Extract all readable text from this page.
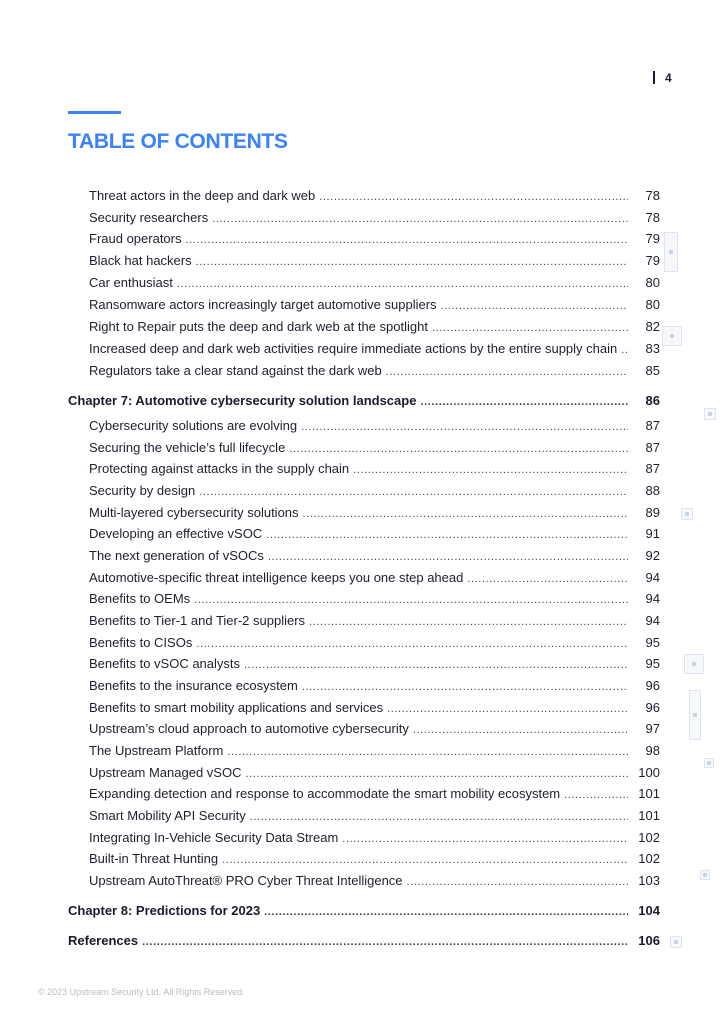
4
TABLE OF CONTENTS
Threat actors in the deep and dark web .....	78
Security researchers .....	78
Fraud operators .....	79
Black hat hackers .....	79
Car enthusiast .....	80
Ransomware actors increasingly target automotive suppliers .....	80
Right to Repair puts the deep and dark web at the spotlight .....	82
Increased deep and dark web activities require immediate actions by the entire supply chain .....	83
Regulators take a clear stand against the dark web .....	85
Chapter 7: Automotive cybersecurity solution landscape .....	86
Cybersecurity solutions are evolving .....	87
Securing the vehicle’s full lifecycle .....	87
Protecting against attacks in the supply chain .....	87
Security by design .....	88
Multi-layered cybersecurity solutions .....	89
Developing an effective vSOC .....	91
The next generation of vSOCs .....	92
Automotive-specific threat intelligence keeps you one step ahead .....	94
Benefits to OEMs .....	94
Benefits to Tier-1 and Tier-2 suppliers .....	94
Benefits to CISOs .....	95
Benefits to vSOC analysts .....	95
Benefits to the insurance ecosystem .....	96
Benefits to smart mobility applications and services .....	96
Upstream’s cloud approach to automotive cybersecurity .....	97
The Upstream Platform .....	98
Upstream Managed vSOC .....	100
Expanding detection and response to accommodate the smart mobility ecosystem .....	101
Smart Mobility API Security .....	101
Integrating In-Vehicle Security Data Stream .....	102
Built-in Threat Hunting .....	102
Upstream AutoThreat® PRO Cyber Threat Intelligence .....	103
Chapter 8: Predictions for 2023 .....	104
References .....	106
© 2023 Upstream Security Ltd. All Rights Reserved
